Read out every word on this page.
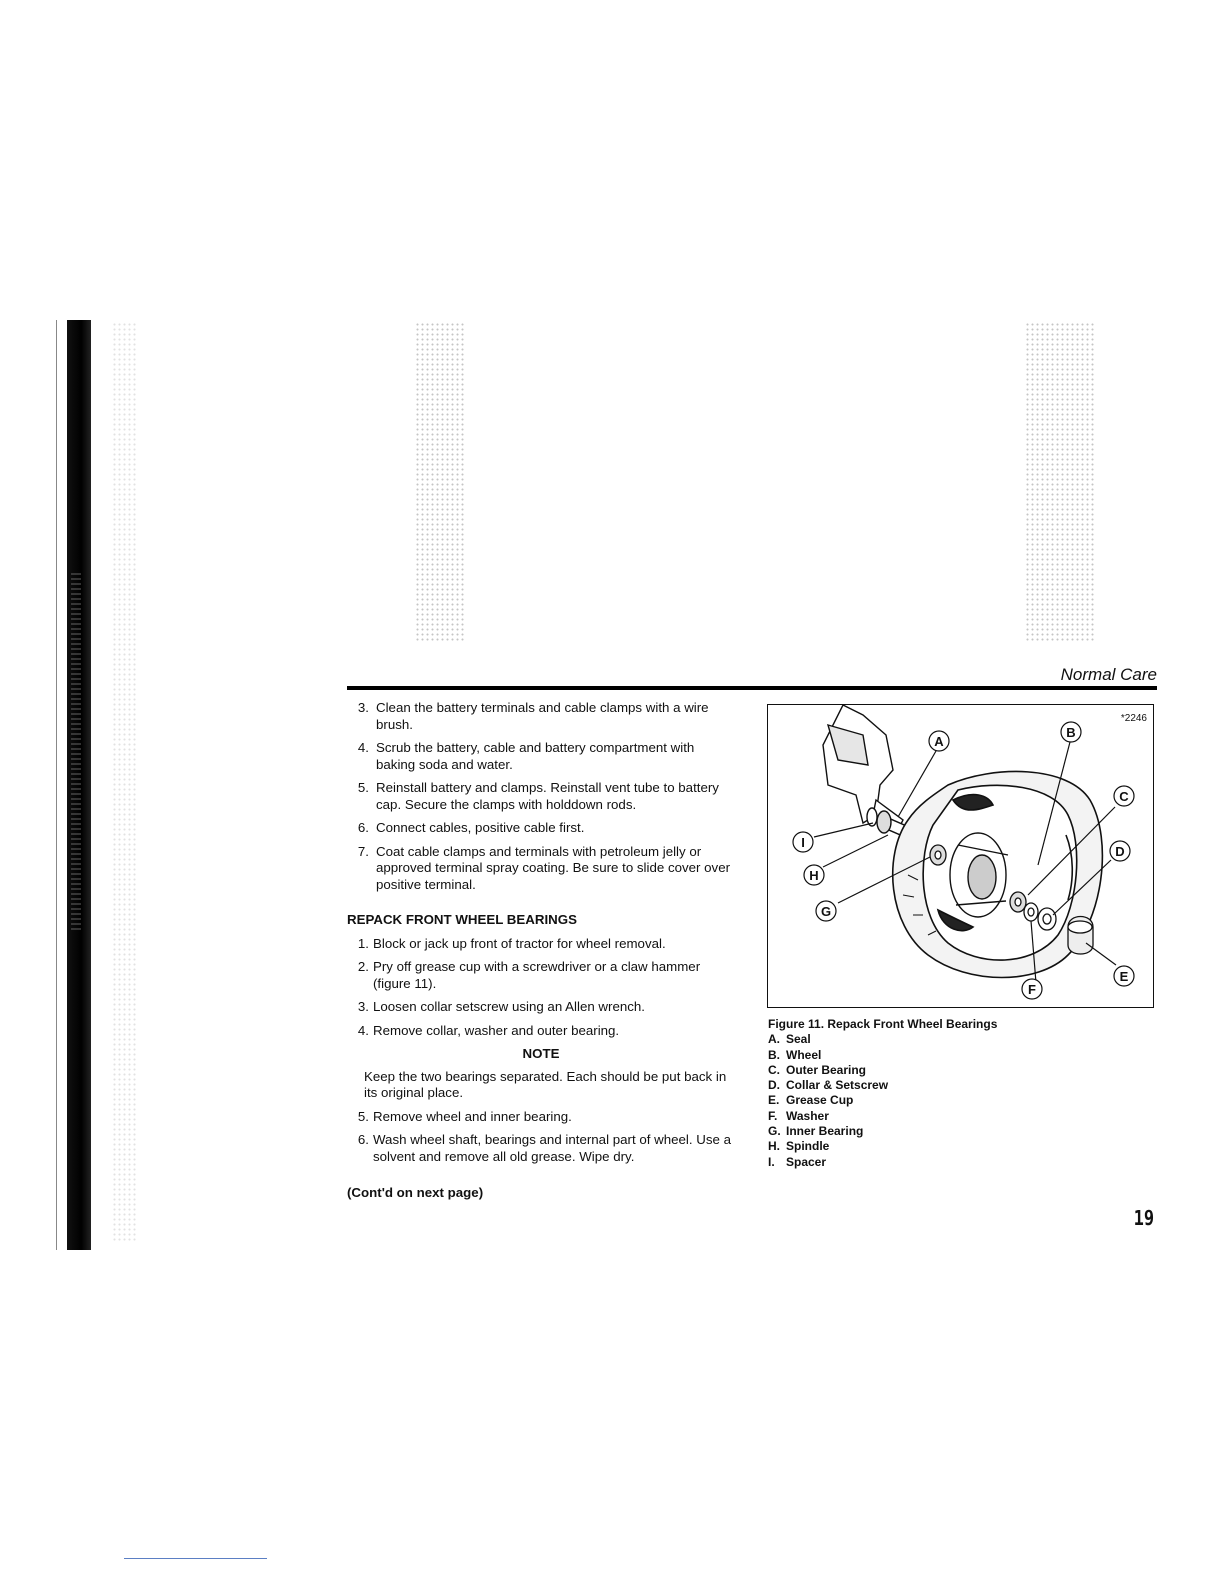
Normal Care
3. Clean the battery terminals and cable clamps with a wire brush.
4. Scrub the battery, cable and battery compartment with baking soda and water.
5. Reinstall battery and clamps. Reinstall vent tube to battery cap. Secure the clamps with holddown rods.
6. Connect cables, positive cable first.
7. Coat cable clamps and terminals with petroleum jelly or approved terminal spray coating. Be sure to slide cover over positive terminal.
REPACK FRONT WHEEL BEARINGS
1. Block or jack up front of tractor for wheel removal.
2. Pry off grease cup with a screwdriver or a claw hammer (figure 11).
3. Loosen collar setscrew using an Allen wrench.
4. Remove collar, washer and outer bearing.
NOTE

Keep the two bearings separated. Each should be put back in its original place.

5. Remove wheel and inner bearing.
6. Wash wheel shaft, bearings and internal part of wheel. Use a solvent and remove all old grease. Wipe dry.
(Cont'd on next page)
*2246
A
B
C
D
E
F
G
H
I
Figure 11. Repack Front Wheel Bearings
A. Seal
B. Wheel
C. Outer Bearing
D. Collar & Setscrew
E. Grease Cup
F. Washer
G. Inner Bearing
H. Spindle
I. Spacer
19
